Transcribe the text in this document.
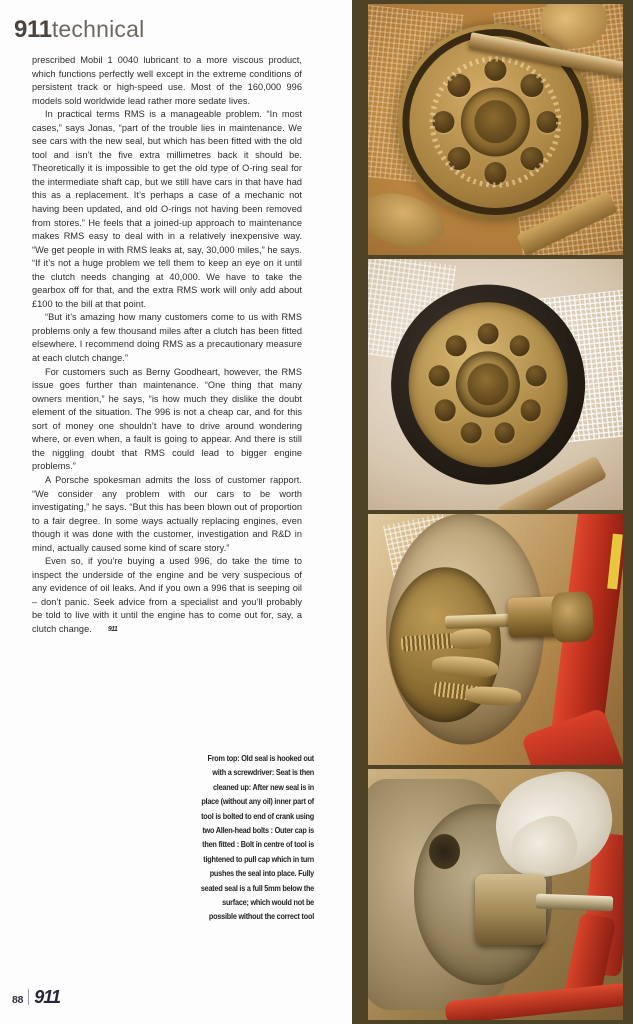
911technical

prescribed Mobil 1 0040 lubricant to a more viscous product, which functions perfectly well except in the extreme conditions of persistent track or high-speed use. Most of the 160,000 996 models sold worldwide lead rather more sedate lives.

In practical terms RMS is a manageable problem. “In most cases,” says Jonas, “part of the trouble lies in maintenance. We see cars with the new seal, but which has been fitted with the old tool and isn’t the five extra millimetres back it should be. Theoretically it is impossible to get the old type of O-ring seal for the intermediate shaft cap, but we still have cars in that have had this as a replacement. It’s perhaps a case of a mechanic not having been updated, and old O-rings not having been removed from stores.” He feels that a joined-up approach to maintenance makes RMS easy to deal with in a relatively inexpensive way. “We get people in with RMS leaks at, say, 30,000 miles,” he says. “If it’s not a huge problem we tell them to keep an eye on it until the clutch needs changing at 40,000. We have to take the gearbox off for that, and the extra RMS work will only add about £100 to the bill at that point.

“But it’s amazing how many customers come to us with RMS problems only a few thousand miles after a clutch has been fitted elsewhere. I recommend doing RMS as a precautionary measure at each clutch change.”

For customers such as Berny Goodheart, however, the RMS issue goes further than maintenance. “One thing that many owners mention,” he says, “is how much they dislike the doubt element of the situation. The 996 is not a cheap car, and for this sort of money one shouldn’t have to drive around wondering where, or even when, a fault is going to appear. And there is still the niggling doubt that RMS could lead to bigger engine problems.”

A Porsche spokesman admits the loss of customer rapport. “We consider any problem with our cars to be worth investigating,” he says. “But this has been blown out of proportion to a fair degree. In some ways actually replacing engines, even though it was done with the customer, investigation and R&D in mind, actually caused some kind of scare story.”

Even so, if you’re buying a used 996, do take the time to inspect the underside of the engine and be very suspecious of any evidence of oil leaks. And if you own a 996 that is seeping oil – don’t panic. Seek advice from a specialist and you’ll probably be told to live with it until the engine has to come out for, say, a clutch change. 911

From top: Old seal is hooked out with a screwdriver: Seat is then cleaned up: After new seal is in place (without any oil) inner part of tool is bolted to end of crank using two Allen-head bolts : Outer cap is then fitted : Bolt in centre of tool is tightened to pull cap which in turn pushes the seal into place. Fully seated seal is a full 5mm below the surface; which would not be possible without the correct tool
88 911
